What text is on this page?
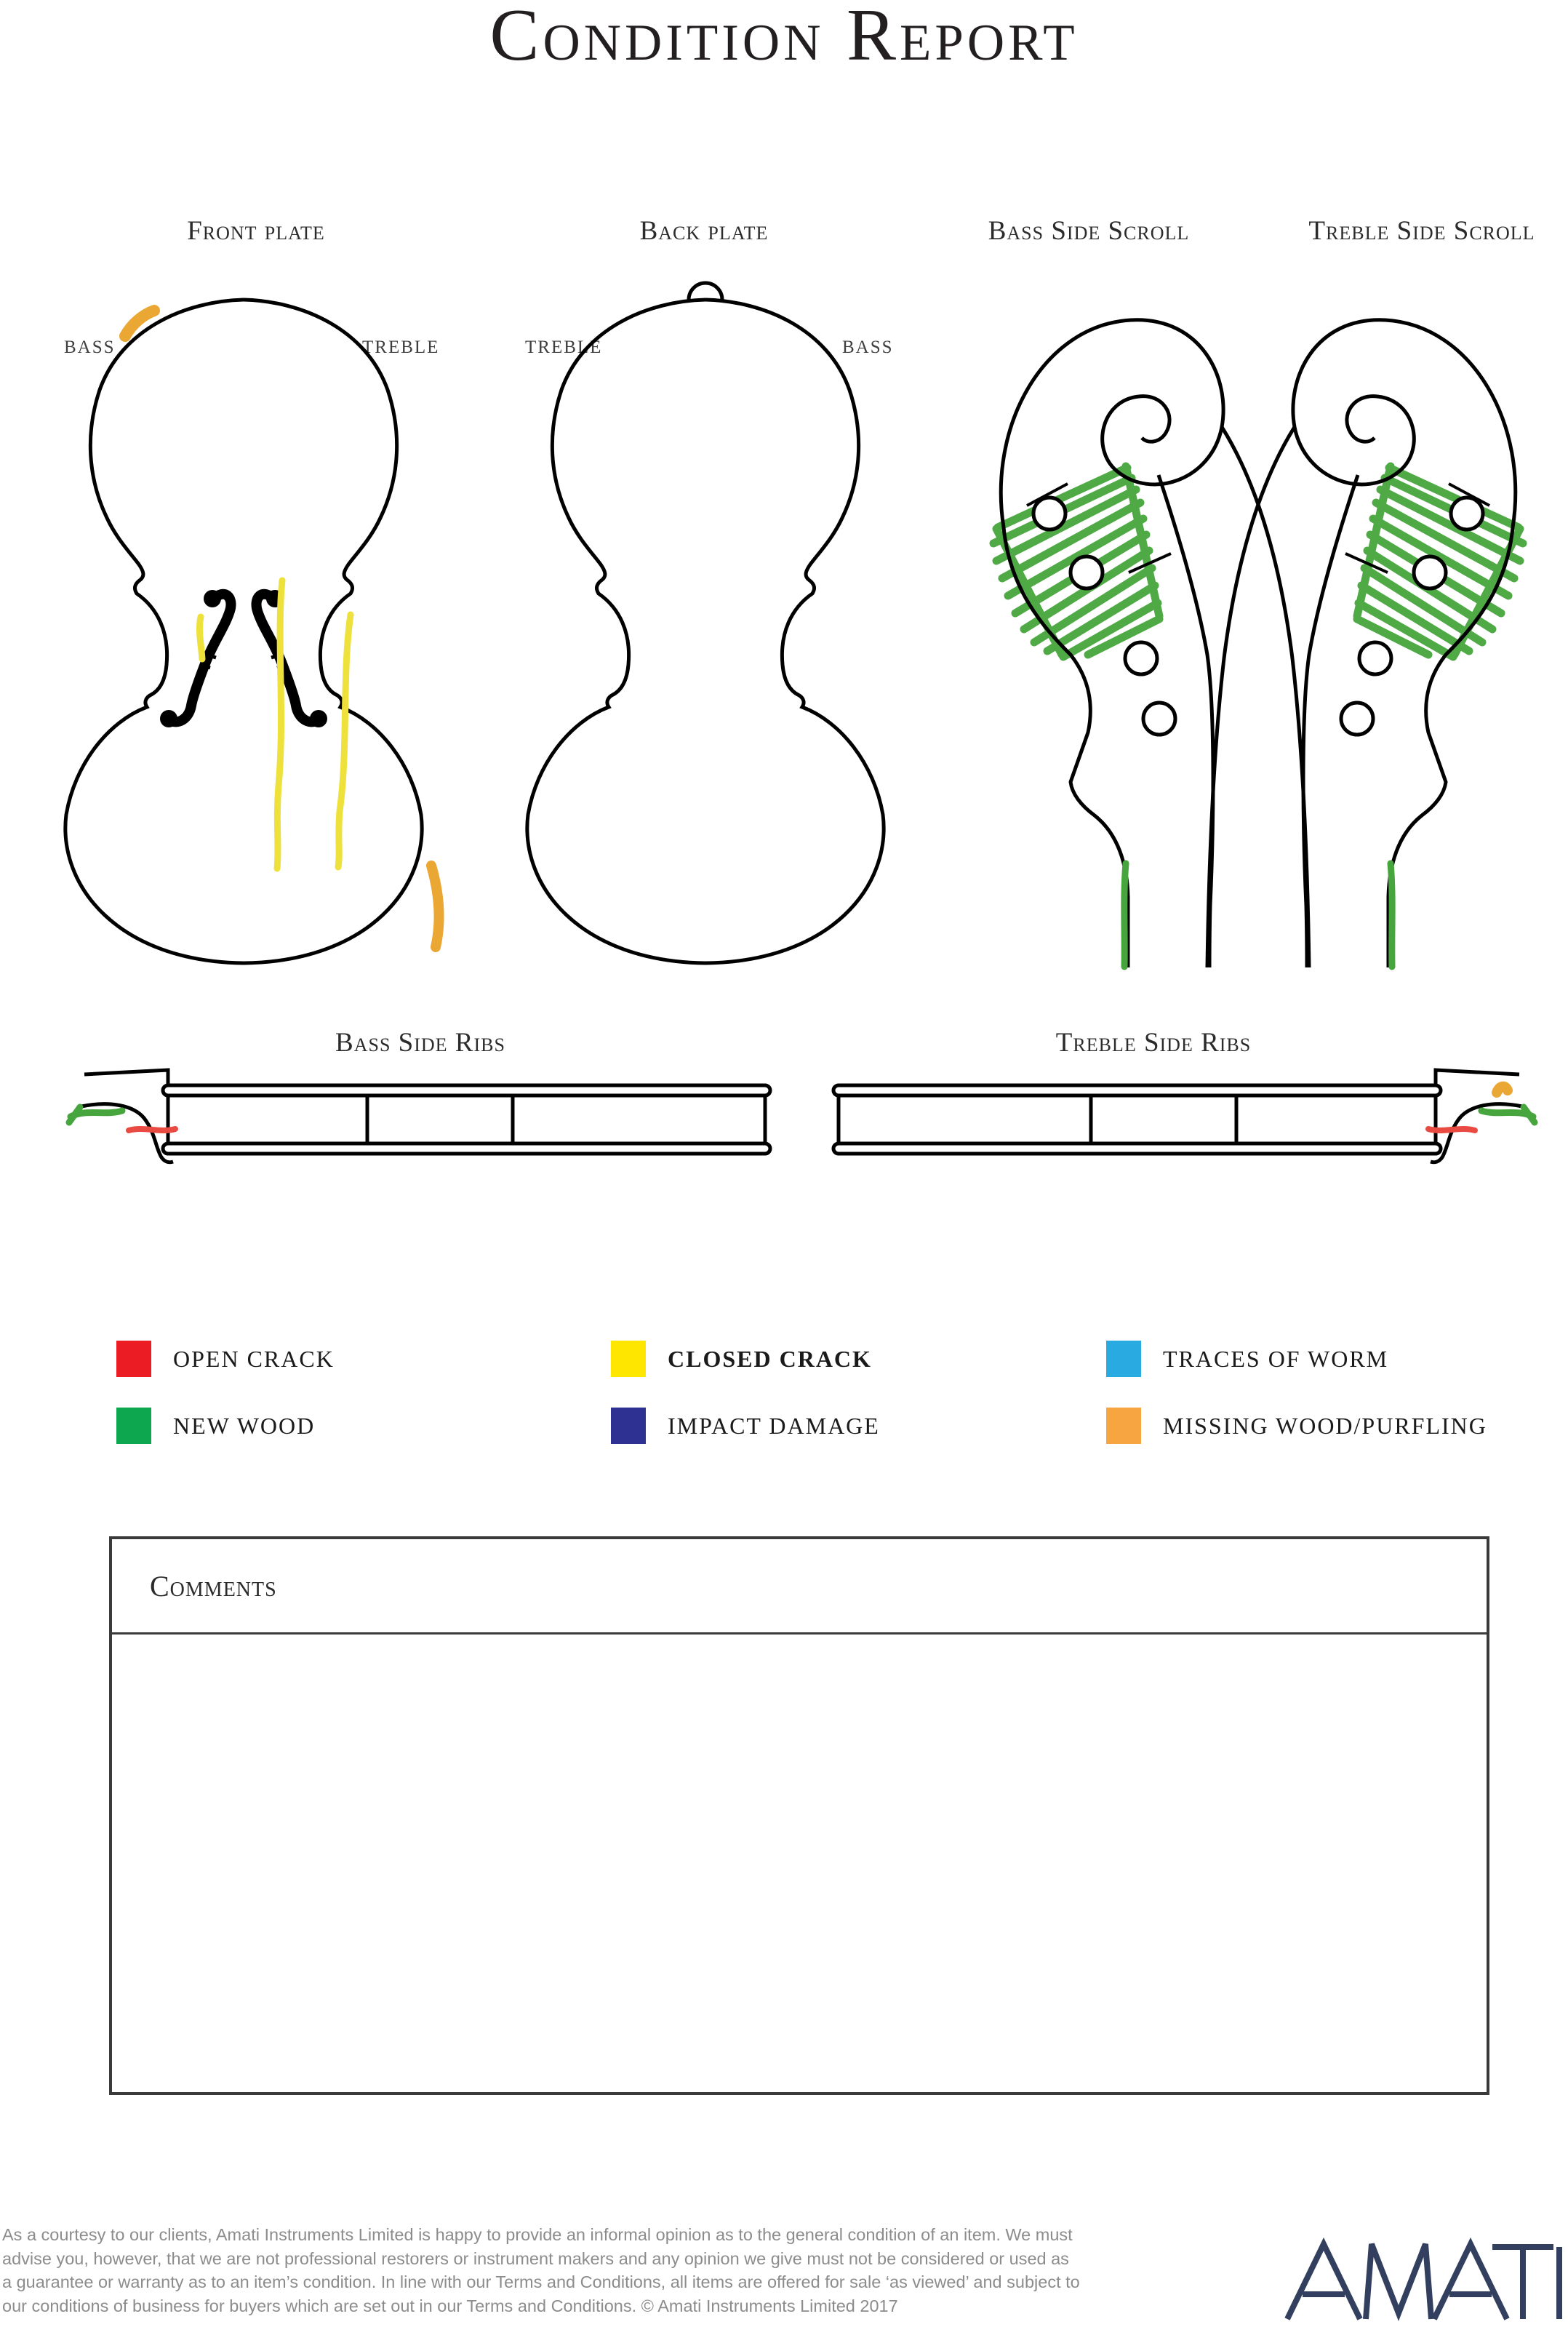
Condition Report
Front plate	Back plate	Bass Side Scroll	Treble Side Scroll
Bass Side Ribs	Treble Side Ribs
BASS	TREBLE	TREBLE	BASS
OPEN CRACK	CLOSED CRACK	TRACES OF WORM
NEW WOOD	IMPACT DAMAGE	MISSING WOOD/PURFLING
Comments
As a courtesy to our clients, Amati Instruments Limited is happy to provide an informal opinion as to the general condition of an item. We must
advise you, however, that we are not professional restorers or instrument makers and any opinion we give must not be considered or used as
a guarantee or warranty as to an item’s condition. In line with our Terms and Conditions, all items are offered for sale ‘as viewed’ and subject to
our conditions of business for buyers which are set out in our Terms and Conditions. © Amati Instruments Limited 2017
